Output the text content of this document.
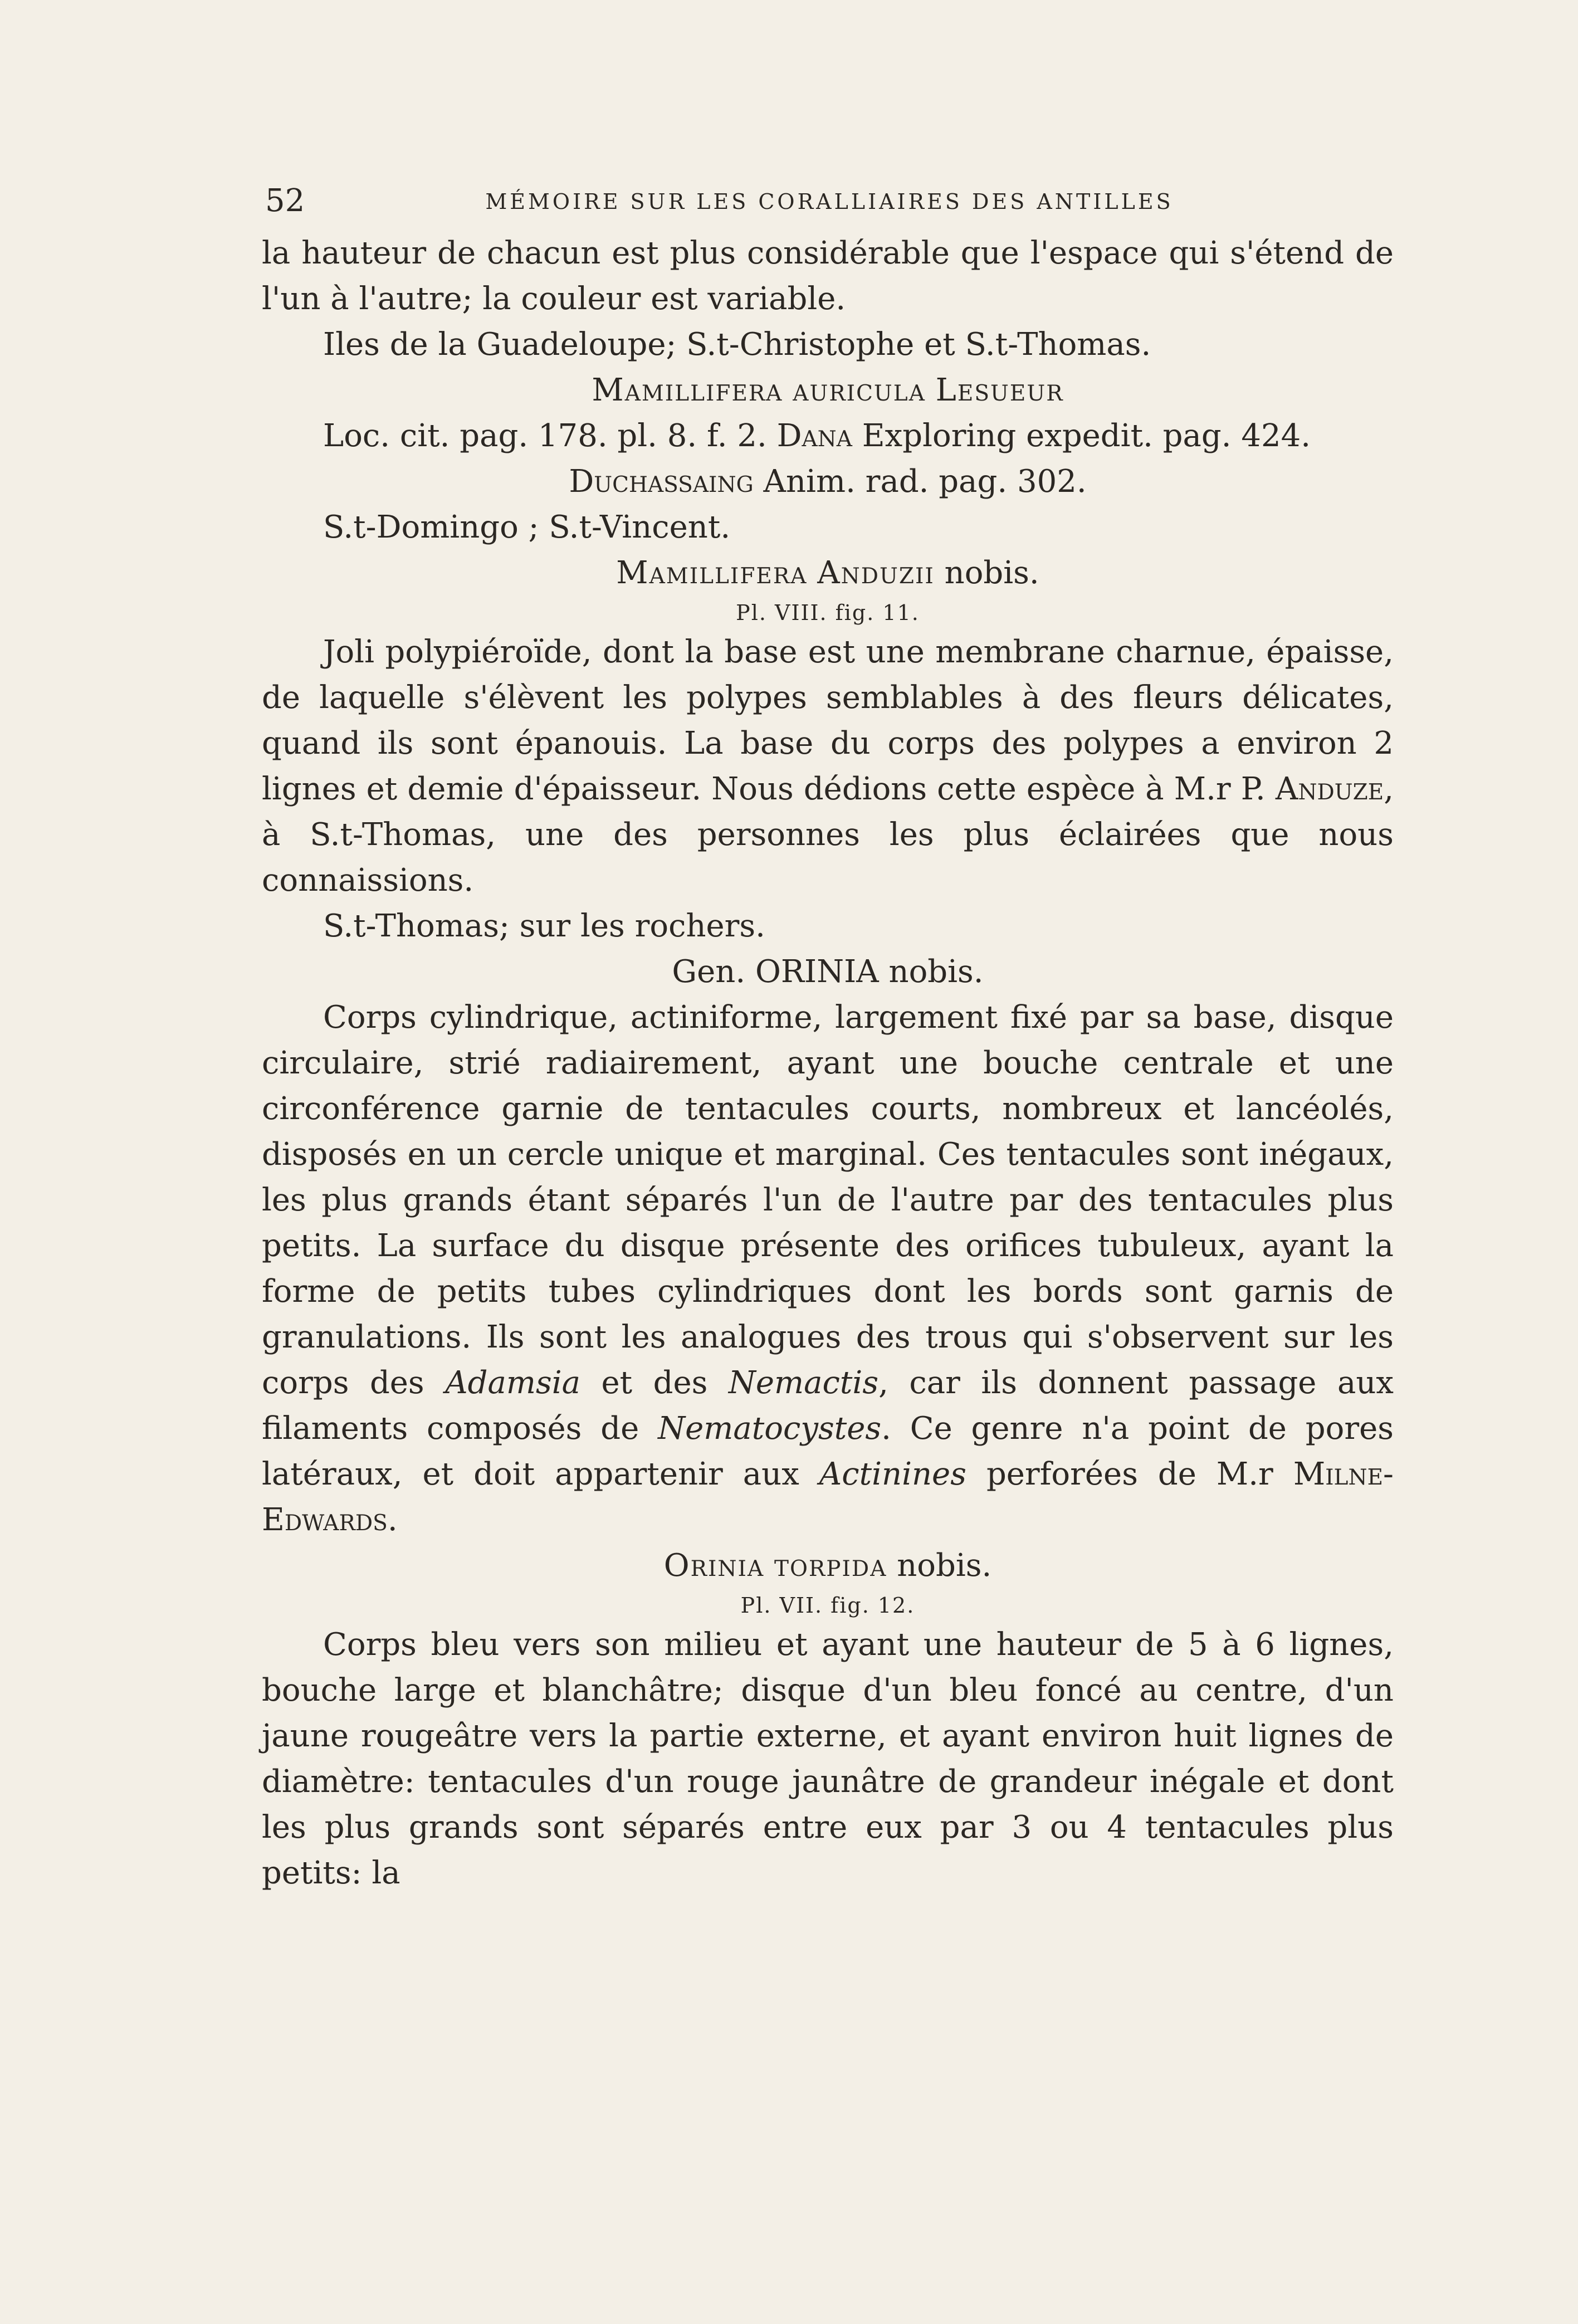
52	MÉMOIRE SUR LES CORALLIAIRES DES ANTILLES

la hauteur de chacun est plus considérable que l'espace qui s'étend de l'un à l'autre; la couleur est variable.

Iles de la Guadeloupe; S.t-Christophe et S.t-Thomas.

Mamillifera auricula Lesueur

Loc. cit. pag. 178. pl. 8. f. 2. Dana Exploring expedit. pag. 424.

Duchassaing Anim. rad. pag. 302.

S.t-Domingo ; S.t-Vincent.

Mamillifera Anduzii nobis.

Pl. VIII. fig. 11.

Joli polypiéroïde, dont la base est une membrane charnue, épaisse, de laquelle s'élèvent les polypes semblables à des fleurs délicates, quand ils sont épanouis. La base du corps des polypes a environ 2 lignes et demie d'épaisseur. Nous dédions cette espèce à M.r P. Anduze, à S.t-Thomas, une des personnes les plus éclairées que nous connaissions.

S.t-Thomas; sur les rochers.

Gen. ORINIA nobis.

Corps cylindrique, actiniforme, largement fixé par sa base, disque circulaire, strié radiairement, ayant une bouche centrale et une circonférence garnie de tentacules courts, nombreux et lancéolés, disposés en un cercle unique et marginal. Ces tentacules sont inégaux, les plus grands étant séparés l'un de l'autre par des tentacules plus petits. La surface du disque présente des orifices tubuleux, ayant la forme de petits tubes cylindriques dont les bords sont garnis de granulations. Ils sont les analogues des trous qui s'observent sur les corps des Adamsia et des Nemactis, car ils donnent passage aux filaments composés de Nematocystes. Ce genre n'a point de pores latéraux, et doit appartenir aux Actinines perforées de M.r Milne-Edwards.

Orinia torpida nobis.

Pl. VII. fig. 12.

Corps bleu vers son milieu et ayant une hauteur de 5 à 6 lignes, bouche large et blanchâtre; disque d'un bleu foncé au centre, d'un jaune rougeâtre vers la partie externe, et ayant environ huit lignes de diamètre: tentacules d'un rouge jaunâtre de grandeur inégale et dont les plus grands sont séparés entre eux par 3 ou 4 tentacules plus petits: la
